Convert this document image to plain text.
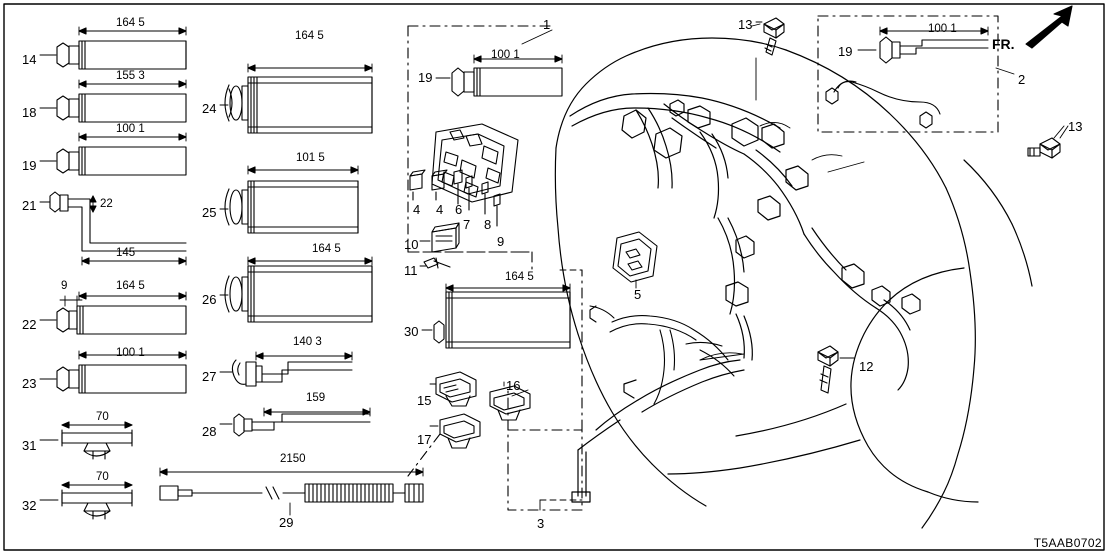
1
2
3
4 4
5
6
7 8
9
10
11
12
13
13
14
15
16
17
18
19
19
19
21
22
23
24
25
26
27
28
29
30
31
32
164 5
164 5
100 1
100 1
155 3
100 1
101 5
22
145	164 5
9	164 5
164 5
140 3
100 1
159
70
2150
70
FR.
T5AAB0702
